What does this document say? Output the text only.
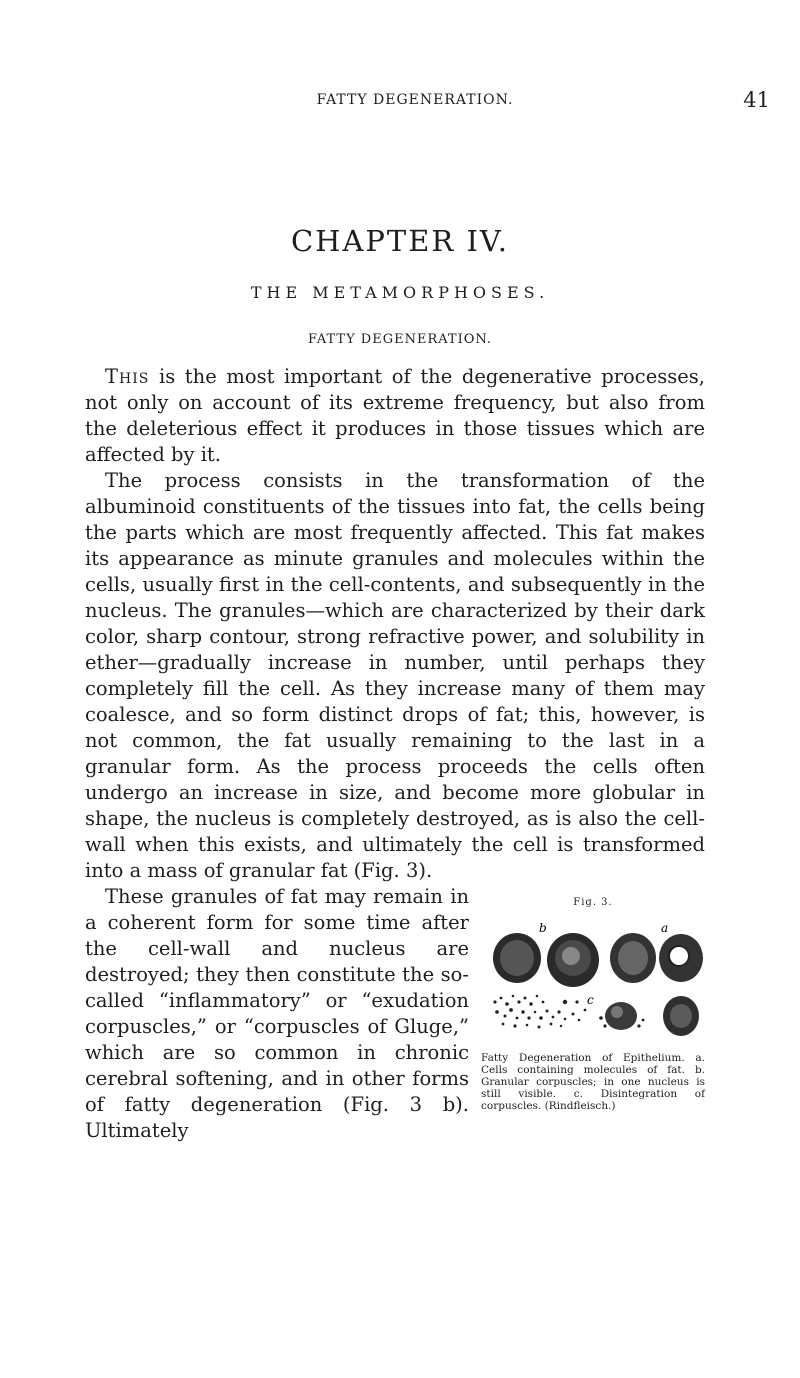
FATTY DEGENERATION.	41
CHAPTER IV.
THE METAMORPHOSES.
FATTY DEGENERATION.

This is the most important of the degenerative processes, not only on account of its extreme frequency, but also from the deleterious effect it produces in those tissues which are affected by it.

The process consists in the transformation of the albuminoid constituents of the tissues into fat, the cells being the parts which are most frequently affected. This fat makes its appearance as minute granules and molecules within the cells, usually first in the cell-contents, and subsequently in the nucleus. The granules—which are characterized by their dark color, sharp contour, strong refractive power, and solubility in ether—gradually increase in number, until perhaps they completely fill the cell. As they increase many of them may coalesce, and so form distinct drops of fat; this, however, is not common, the fat usually remaining to the last in a granular form. As the process proceeds the cells often undergo an increase in size, and become more globular in shape, the nucleus is completely destroyed, as is also the cell-wall when this exists, and ultimately the cell is transformed into a mass of granular fat (Fig. 3).

Fig. 3.
b	a
c
Fatty Degeneration of Epithelium. a. Cells containing molecules of fat. b. Granular corpuscles; in one nucleus is still visible. c. Disintegration of corpuscles. (Rindfleisch.)

These granules of fat may remain in a coherent form for some time after the cell-wall and nucleus are destroyed; they then constitute the so-called “inflammatory” or “exudation corpuscles,” or “corpuscles of Gluge,” which are so common in chronic cerebral softening, and in other forms of fatty degeneration (Fig. 3 b). Ultimately
